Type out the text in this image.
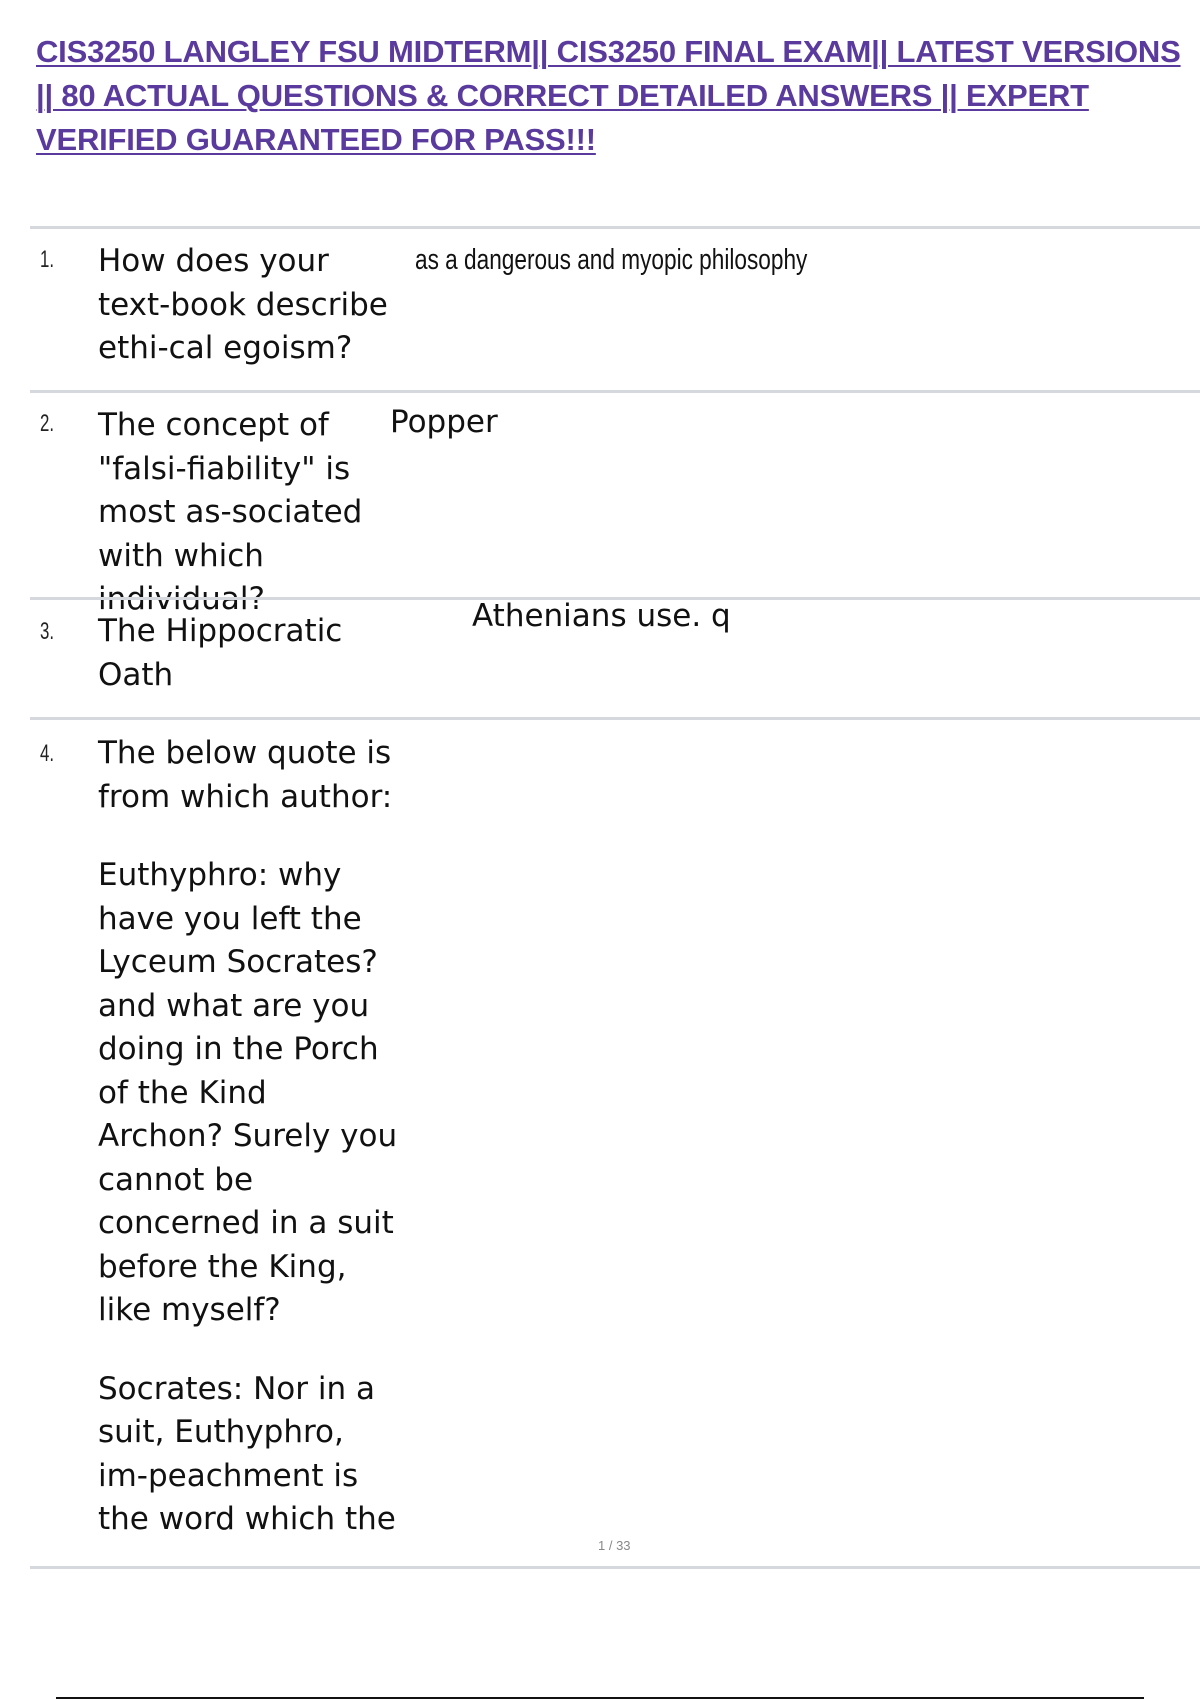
CIS3250 LANGLEY FSU MIDTERM|| CIS3250 FINAL EXAM|| LATEST VERSIONS || 80 ACTUAL QUESTIONS & CORRECT DETAILED ANSWERS || EXPERT VERIFIED GUARANTEED FOR PASS!!!
1. How does your text-book describe ethi-cal egoism?

as a dangerous and myopic philosophy
2. The concept of "falsi-fiability" is most as-sociated with which individual?

Popper
3. The Hippocratic Oath

Athenians use. q
4. The below quote is from which author:

Euthyphro: why have you left the Lyceum Socrates? and what are you doing in the Porch of the Kind Archon? Surely you cannot be concerned in a suit before the King, like myself?

Socrates: Nor in a suit, Euthyphro, im-peachment is the word which the

1 / 33
